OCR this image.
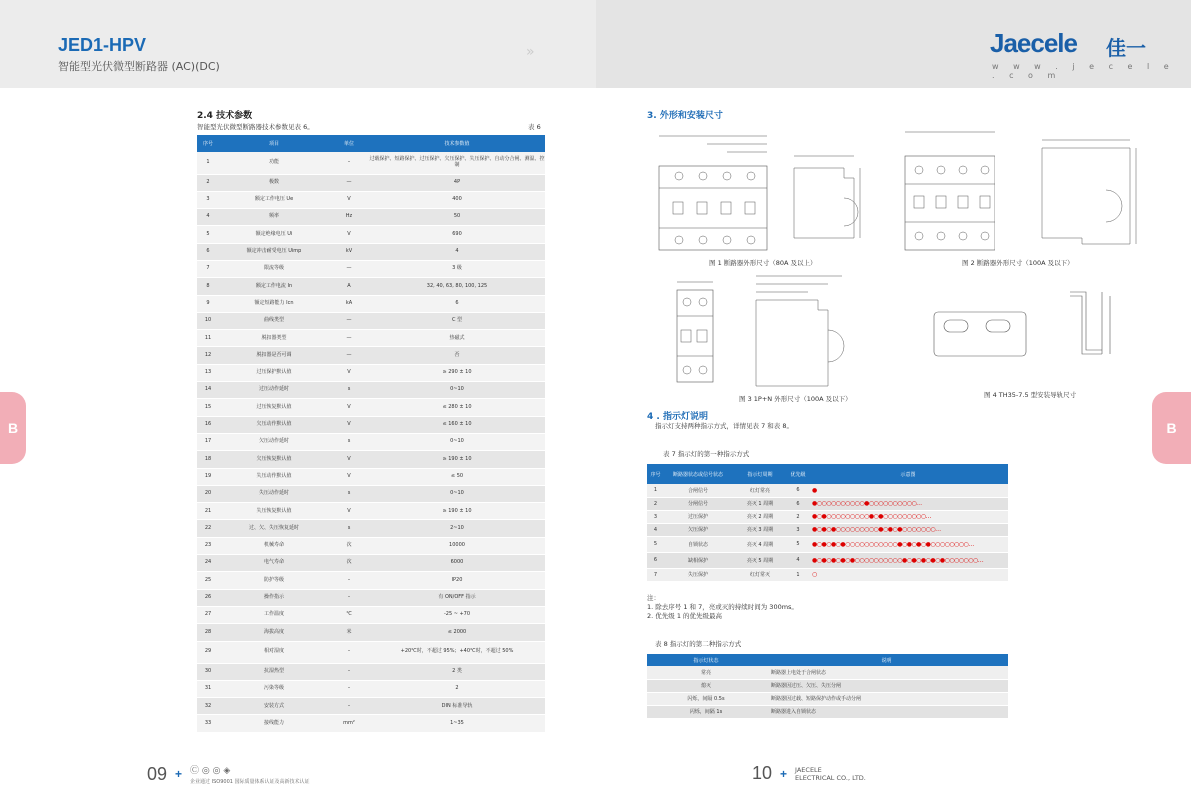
JED1-HPV
智能型光伏微型断路器 (AC)(DC)
»	Jaecele 佳一
w w w . j e c e l e . c o m
B	B
2.4 技术参数
智能型光伏微型断路器技术参数见表 6。	表 6
序号	项目	单位	技术参数值
1	功能	–	过载保护、短路保护、过压保护、欠压保护、失压保护、自动分合闸、测温、控制
2	极数	—	4P
3	额定工作电压 Ue	V	400
4	频率	Hz	50
5	额定绝缘电压 Ui	V	690
6	额定冲击耐受电压 Uimp	kV	4
7	限流等级	—	3 级
8	额定工作电流 In	A	32, 40, 63, 80, 100, 125
9	额定短路能力 Icn	kA	6
10	曲线类型	—	C 型
11	脱扣器类型	—	热磁式
12	脱扣器是否可调	—	否
13	过压保护默认值	V	≥ 290 ± 10
14	过压动作延时	s	0~10
15	过压恢复默认值	V	≤ 280 ± 10
16	欠压动作默认值	V	≤ 160 ± 10
17	欠压动作延时	s	0~10
18	欠压恢复默认值	V	≥ 190 ± 10
19	失压动作默认值	V	≤ 50
20	失压动作延时	s	0~10
21	失压恢复默认值	V	≥ 190 ± 10
22	过、欠、失压恢复延时	s	2~10
23	机械寿命	次	10000
24	电气寿命	次	6000
25	防护等级	–	IP20
26	操作指示	–	有 ON/OFF 指示
27	工作温度	℃	-25 ~ +70
28	海拔高度	米	≤ 2000
29	相对湿度	–	+20℃时，不超过 95%；+40℃时，不超过 50%
30	抗湿热型	–	2 类
31	污染等级	–	2
32	安装方式	–	DIN 标准导轨
33	接线能力	mm²	1~35
3. 外形和安装尺寸
图 1 断路器外形尺寸（80A 及以上）	图 2 断路器外形尺寸（100A 及以下）
图 3 1P+N 外形尺寸（100A 及以下）	图 4 TH35-7.5 型安装导轨尺寸
4 . 指示灯说明
指示灯支持两种指示方式，详情见表 7 和表 8。
表 7 指示灯的第一种指示方式
序号	断路器状态或信号状态	指示灯周期	优先级	示意图
1	合闸信号	红灯常亮	6	●
2	分闸信号	亮灭 1 周期	6	●○○○○○○○○○○●○○○○○○○○○○…
3	过压保护	亮灭 2 周期	2	●○●○○○○○○○○○●○●○○○○○○○○○…
4	欠压保护	亮灭 3 周期	3	●○●○●○○○○○○○○○●○●○●○○○○○○○…
5	自锁状态	亮灭 4 周期	5	●○●○●○●○○○○○○○○○○○●○●○●○●○○○○○○○○…
6	缺相保护	亮灭 5 周期	4	●○●○●○●○●○○○○○○○○○○●○●○●○●○●○○○○○○○…
7	失压保护	红灯常灭	1	○
注：
1. 除去序号 1 和 7，亮或灭的持续时间为 300ms。
2. 优先级 1 的优先级最高
表 8 指示灯的第二种指示方式
指示灯状态	说明
常亮	断路器上电处于合闸状态
熄灭	断路器因过压、欠压、失压分闸
闪烁，间隔 0.5s	断路器因过载、短路保护动作或手动分闸
闪烁，间隔 1s	断路器进入自锁状态
09 + Ⓒ ◎ ◎ ◈
企业通过 ISO9001 国际质量体系认证及高新技术认证	10 + JAECELE
ELECTRICAL CO., LTD.
